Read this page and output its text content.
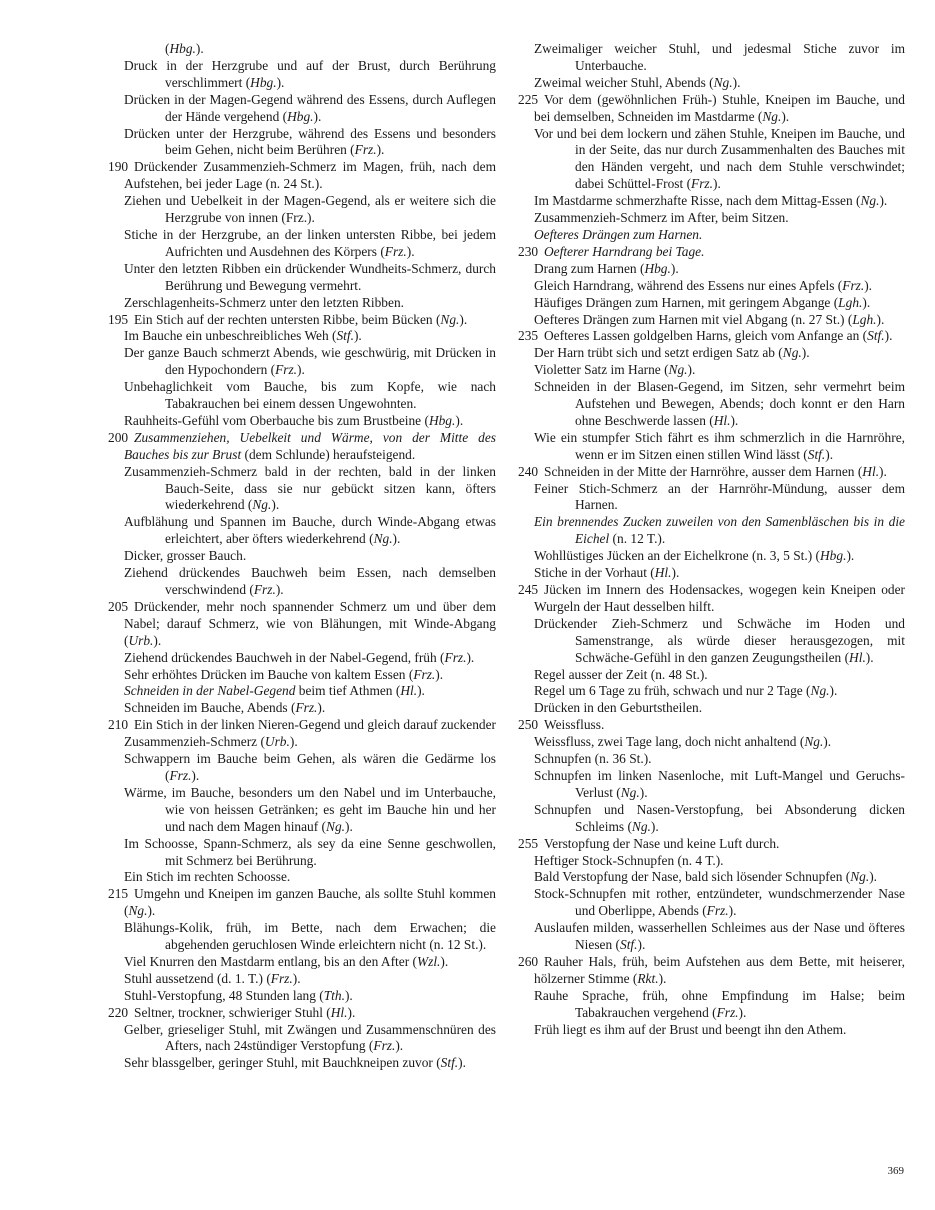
(Hbg.).
Druck in der Herzgrube und auf der Brust, durch Berührung verschlimmert (Hbg.).
Drücken in der Magen-Gegend während des Essens, durch Auflegen der Hände vergehend (Hbg.).
Drücken unter der Herzgrube, während des Essens und besonders beim Gehen, nicht beim Berühren (Frz.).
190 Drückender Zusammenzieh-Schmerz im Magen, früh, nach dem Aufstehen, bei jeder Lage (n. 24 St.).
Ziehen und Uebelkeit in der Magen-Gegend, als er weitere sich die Herzgrube von innen (Frz.).
Stiche in der Herzgrube, an der linken untersten Ribbe, bei jedem Aufrichten und Ausdehnen des Körpers (Frz.).
Unter den letzten Ribben ein drückender Wundheits-Schmerz, durch Berührung und Bewegung vermehrt.
Zerschlagenheits-Schmerz unter den letzten Ribben.
195 Ein Stich auf der rechten untersten Ribbe, beim Bücken (Ng.).
Im Bauche ein unbeschreibliches Weh (Stf.).
Der ganze Bauch schmerzt Abends, wie geschwürig, mit Drücken in den Hypochondern (Frz.).
Unbehaglichkeit vom Bauche, bis zum Kopfe, wie nach Tabakrauchen bei einem dessen Ungewohnten.
Rauhheits-Gefühl vom Oberbauche bis zum Brustbeine (Hbg.).
200 Zusammenziehen, Uebelkeit und Wärme, von der Mitte des Bauches bis zur Brust (dem Schlunde) heraufsteigend.
Zusammenzieh-Schmerz bald in der rechten, bald in der linken Bauch-Seite, dass sie nur gebückt sitzen kann, öfters wiederkehrend (Ng.).
Aufblähung und Spannen im Bauche, durch Winde-Abgang etwas erleichtert, aber öfters wiederkehrend (Ng.).
Dicker, grosser Bauch.
Ziehend drückendes Bauchweh beim Essen, nach demselben verschwindend (Frz.).
205 Drückender, mehr noch spannender Schmerz um und über dem Nabel; darauf Schmerz, wie von Blähungen, mit Winde-Abgang (Urb.).
Ziehend drückendes Bauchweh in der Nabel-Gegend, früh (Frz.).
Sehr erhöhtes Drücken im Bauche von kaltem Essen (Frz.).
Schneiden in der Nabel-Gegend beim tief Athmen (Hl.).
Schneiden im Bauche, Abends (Frz.).
210 Ein Stich in der linken Nieren-Gegend und gleich darauf zuckender Zusammenzieh-Schmerz (Urb.).
Schwappern im Bauche beim Gehen, als wären die Gedärme los (Frz.).
Wärme, im Bauche, besonders um den Nabel und im Unterbauche, wie von heissen Getränken; es geht im Bauche hin und her und nach dem Magen hinauf (Ng.).
Im Schoosse, Spann-Schmerz, als sey da eine Senne geschwollen, mit Schmerz bei Berührung.
Ein Stich im rechten Schoosse.
215 Umgehn und Kneipen im ganzen Bauche, als sollte Stuhl kommen (Ng.).
Blähungs-Kolik, früh, im Bette, nach dem Erwachen; die abgehenden geruchlosen Winde erleichtern nicht (n. 12 St.).
Viel Knurren den Mastdarm entlang, bis an den After (Wzl.).
Stuhl aussetzend (d. 1. T.) (Frz.).
Stuhl-Verstopfung, 48 Stunden lang (Tth.).
220 Seltner, trockner, schwieriger Stuhl (Hl.).
Gelber, grieseliger Stuhl, mit Zwängen und Zusammenschnüren des Afters, nach 24stündiger Verstopfung (Frz.).
Sehr blassgelber, geringer Stuhl, mit Bauchkneipen zuvor (Stf.).
Zweimaliger weicher Stuhl, und jedesmal Stiche zuvor im Unterbauche.
Zweimal weicher Stuhl, Abends (Ng.).
225 Vor dem (gewöhnlichen Früh-) Stuhle, Kneipen im Bauche, und bei demselben, Schneiden im Mastdarme (Ng.).
Vor und bei dem lockern und zähen Stuhle, Kneipen im Bauche, und in der Seite, das nur durch Zusammenhalten des Bauches mit den Händen vergeht, und nach dem Stuhle verschwindet; dabei Schüttel-Frost (Frz.).
Im Mastdarme schmerzhafte Risse, nach dem Mittag-Essen (Ng.).
Zusammenzieh-Schmerz im After, beim Sitzen.
Oefteres Drängen zum Harnen.
230 Oefterer Harndrang bei Tage.
Drang zum Harnen (Hbg.).
Gleich Harndrang, während des Essens nur eines Apfels (Frz.).
Häufiges Drängen zum Harnen, mit geringem Abgange (Lgh.).
Oefteres Drängen zum Harnen mit viel Abgang (n. 27 St.) (Lgh.).
235 Oefteres Lassen goldgelben Harns, gleich vom Anfange an (Stf.).
Der Harn trübt sich und setzt erdigen Satz ab (Ng.).
Violetter Satz im Harne (Ng.).
Schneiden in der Blasen-Gegend, im Sitzen, sehr vermehrt beim Aufstehen und Bewegen, Abends; doch konnt er den Harn ohne Beschwerde lassen (Hl.).
Wie ein stumpfer Stich fährt es ihm schmerzlich in die Harnröhre, wenn er im Sitzen einen stillen Wind lässt (Stf.).
240 Schneiden in der Mitte der Harnröhre, ausser dem Harnen (Hl.).
Feiner Stich-Schmerz an der Harnröhr-Mündung, ausser dem Harnen.
Ein brennendes Zucken zuweilen von den Samenbläschen bis in die Eichel (n. 12 T.).
Wohllüstiges Jücken an der Eichelkrone (n. 3, 5 St.) (Hbg.).
Stiche in der Vorhaut (Hl.).
245 Jücken im Innern des Hodensackes, wogegen kein Kneipen oder Wurgeln der Haut desselben hilft.
Drückender Zieh-Schmerz und Schwäche im Hoden und Samenstrange, als würde dieser herausgezogen, mit Schwäche-Gefühl in den ganzen Zeugungstheilen (Hl.).
Regel ausser der Zeit (n. 48 St.).
Regel um 6 Tage zu früh, schwach und nur 2 Tage (Ng.).
Drücken in den Geburtstheilen.
250 Weissfluss.
Weissfluss, zwei Tage lang, doch nicht anhaltend (Ng.).
Schnupfen (n. 36 St.).
Schnupfen im linken Nasenloche, mit Luft-Mangel und Geruchs-Verlust (Ng.).
Schnupfen und Nasen-Verstopfung, bei Absonderung dicken Schleims (Ng.).
255 Verstopfung der Nase und keine Luft durch.
Heftiger Stock-Schnupfen (n. 4 T.).
Bald Verstopfung der Nase, bald sich lösender Schnupfen (Ng.).
Stock-Schnupfen mit rother, entzündeter, wundschmerzender Nase und Oberlippe, Abends (Frz.).
Auslaufen milden, wasserhellen Schleimes aus der Nase und öfteres Niesen (Stf.).
260 Rauher Hals, früh, beim Aufstehen aus dem Bette, mit heiserer, hölzerner Stimme (Rkt.).
Rauhe Sprache, früh, ohne Empfindung im Halse; beim Tabakrauchen vergehend (Frz.).
Früh liegt es ihm auf der Brust und beengt ihn den Athem.
369
